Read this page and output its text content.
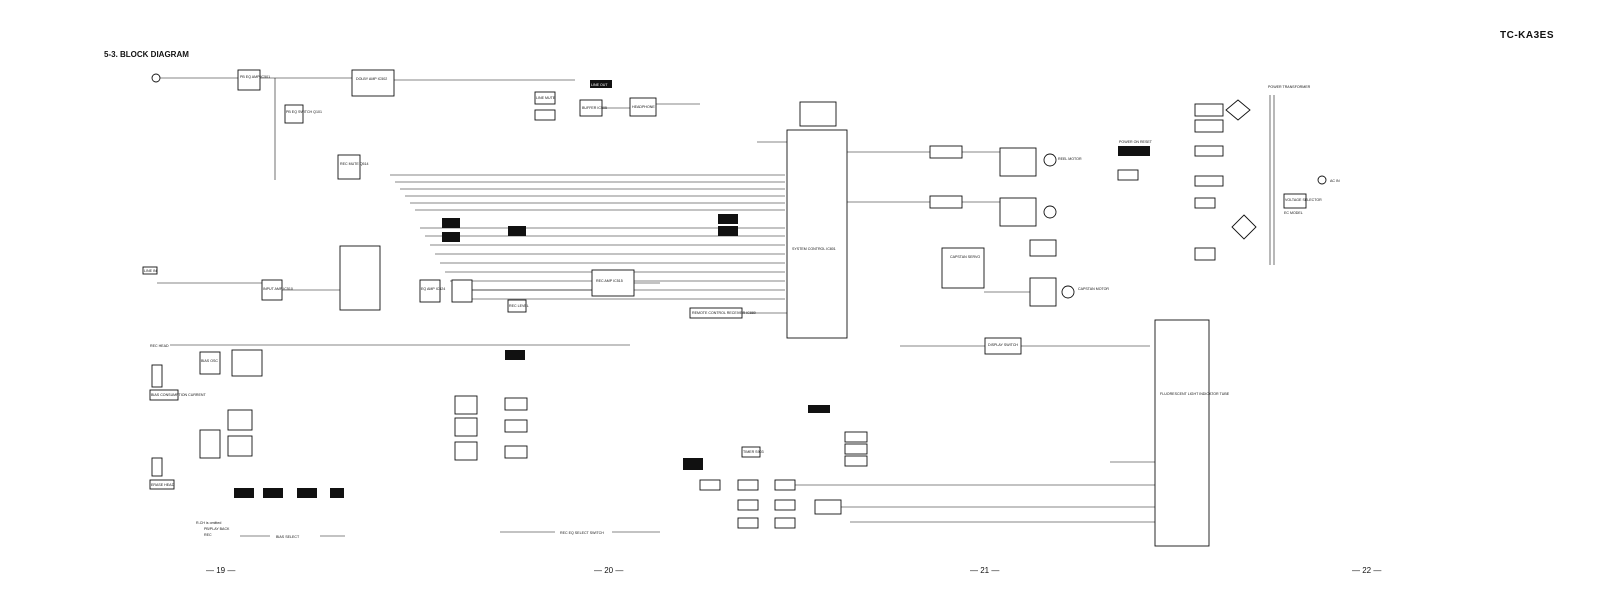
TC-KA3ES
5-3. BLOCK DIAGRAM
PB EQ AMP IC501
PB EQ SWITCH Q101
DOLBY AMP IC502
REC MUTE Q514
LINE IN
INPUT AMP IC510
BIAS OSC
REC HEAD
BIAS CONSUMPTION CURRENT
ERASE HEAD
LINE OUT
BUFFER IC505	HEADPHONE
LINE MUTE
EQ AMP IC524
REC AMP IC515
REC LEVEL
R-CH is omitted
PB/PLAY BACK
REC	BIAS SELECT
REC EQ SELECT SWITCH
SYSTEM CONTROL IC801
REMOTE CONTROL RECEIVER IC880
REEL MOTOR
CAPSTAN SERVO
CAPSTAN MOTOR
DISPLAY SWITCH
TIMER S903
FLUORESCENT LIGHT INDICATOR TUBE
POWER ON RESET
POWER TRANSFORMER
VOLTAGE SELECTOR
EC MODEL
AC IN
— 19 —	— 20 —	— 21 —	— 22 —
